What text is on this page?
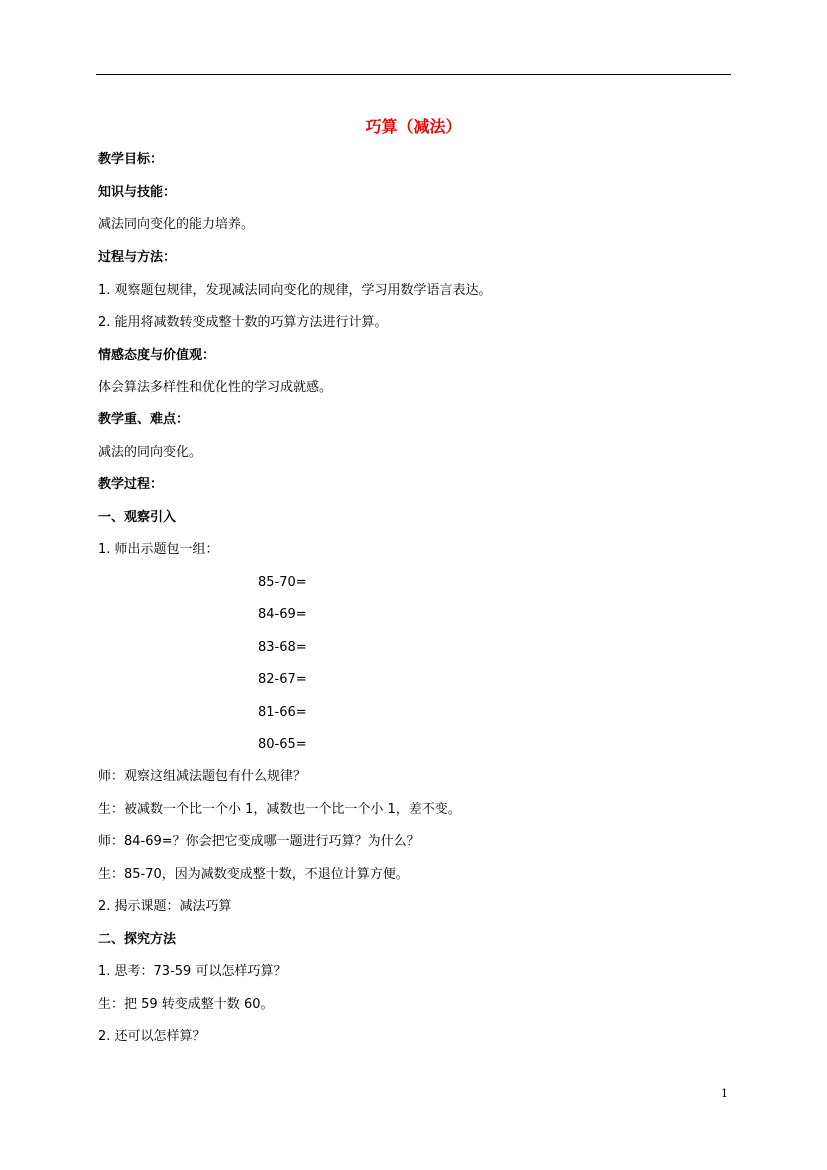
巧算（减法）
教学目标：
知识与技能：
减法同向变化的能力培养。
过程与方法：
1. 观察题包规律，发现减法同向变化的规律，学习用数学语言表达。
2. 能用将减数转变成整十数的巧算方法进行计算。
情感态度与价值观：
体会算法多样性和优化性的学习成就感。
教学重、难点：
减法的同向变化。
教学过程：
一、观察引入
1. 师出示题包一组：
85-70=
84-69=
83-68=
82-67=
81-66=
80-65=
师：观察这组减法题包有什么规律？
生：被减数一个比一个小 1，减数也一个比一个小 1，差不变。
师：84-69=？你会把它变成哪一题进行巧算？为什么？
生：85-70，因为减数变成整十数，不退位计算方便。
2. 揭示课题：减法巧算
二、探究方法
1. 思考：73-59 可以怎样巧算？
生：把 59 转变成整十数 60。
2. 还可以怎样算？
1
